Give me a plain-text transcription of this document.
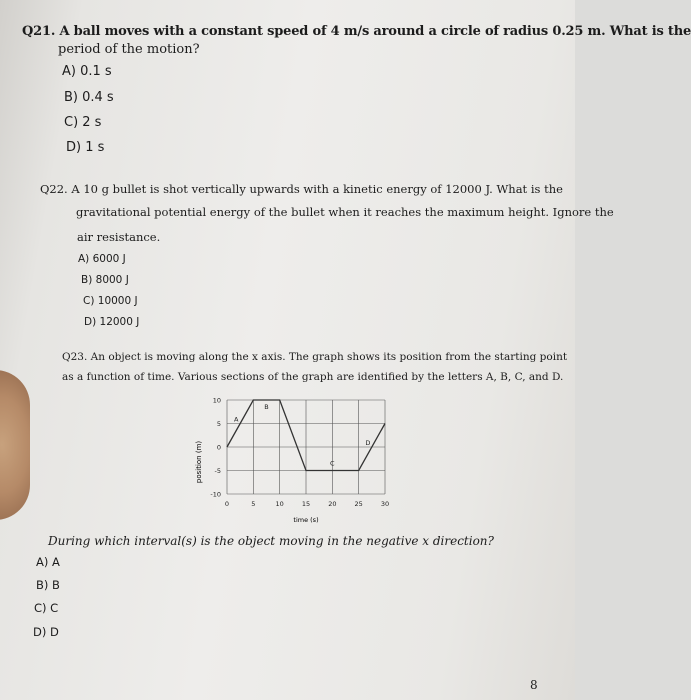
Q21. A ball moves with a constant speed of 4 m/s around a circle of radius 0.25 m. What is the
period of the motion?
A) 0.1 s
B) 0.4 s
C) 2 s
D) 1 s
Q22. A 10 g bullet is shot vertically upwards with a kinetic energy of 12000 J. What is the
gravitational potential energy of the bullet when it reaches the maximum height. Ignore the
air resistance.
A) 6000 J
B) 8000 J
C) 10000 J
D) 12000 J
Q23. An object is moving along the x axis. The graph shows its position from the starting point
as a function of time. Various sections of the graph are identified by the letters A, B, C, and D.
0	5	10	15	20	25	30
10
5
0
-5
-10
A
B
C
D
position (m)
time (s)
During which interval(s) is the object moving in the negative x direction?
A) A
B) B
C) C
D) D
8
